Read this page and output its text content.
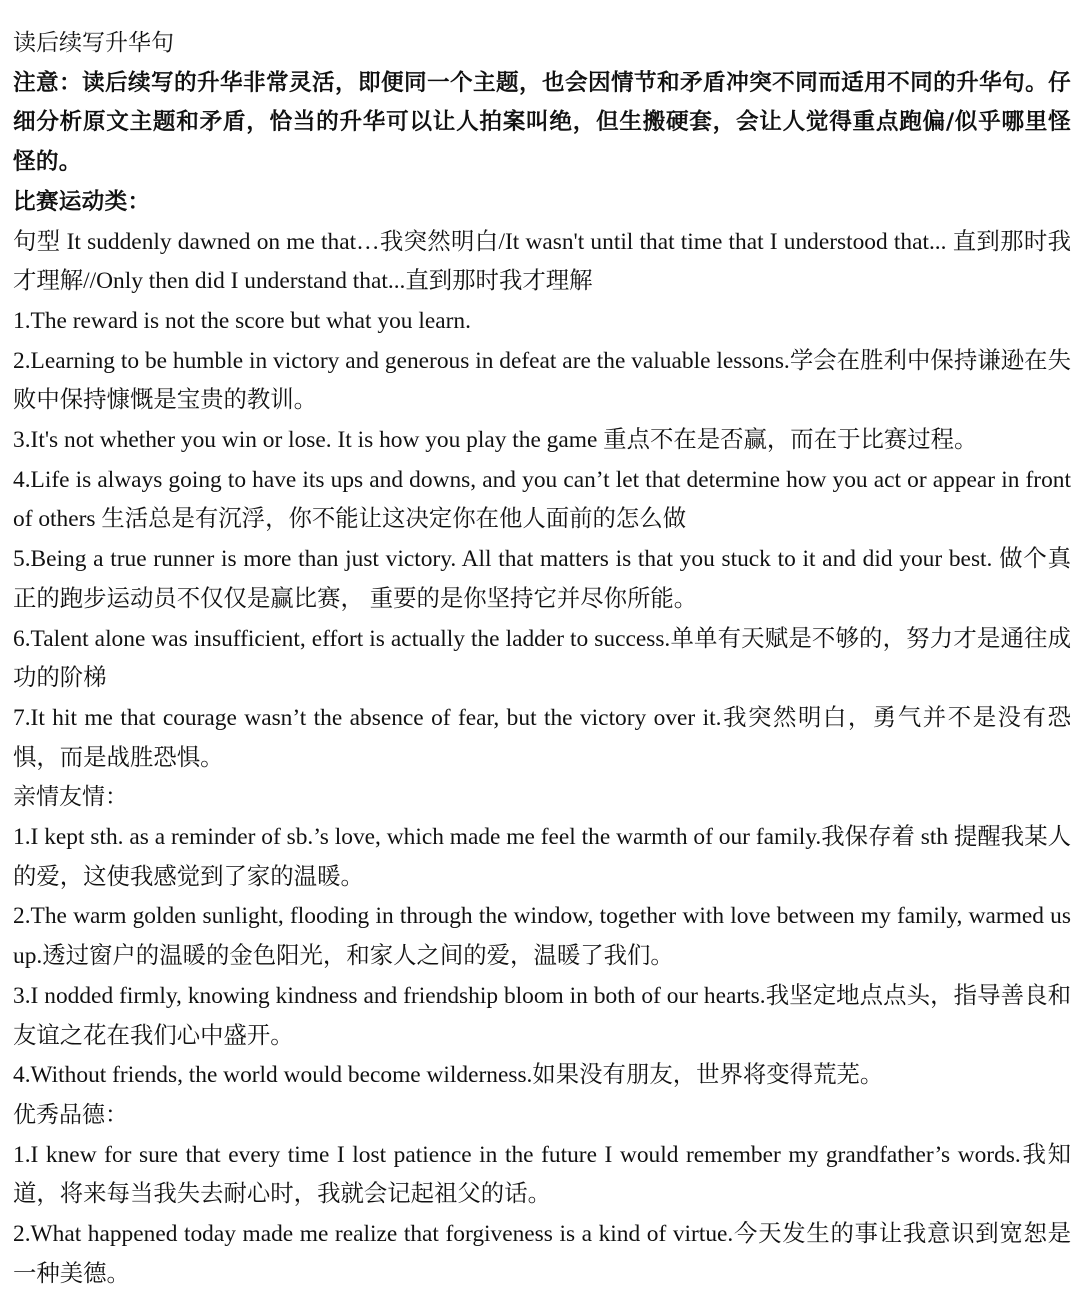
读后续写升华句

注意：读后续写的升华非常灵活，即便同一个主题，也会因情节和矛盾冲突不同而适用不同的升华句。仔细分析原文主题和矛盾，恰当的升华可以让人拍案叫绝，但生搬硬套，会让人觉得重点跑偏/似乎哪里怪怪的。

比赛运动类：

句型 It suddenly dawned on me that…我突然明白/It wasn't until that time that I understood that... 直到那时我才理解//Only then did I understand that...直到那时我才理解

1.The reward is not the score but what you learn.

2.Learning to be humble in victory and generous in defeat are the valuable lessons.学会在胜利中保持谦逊在失败中保持慷慨是宝贵的教训。

3.It's not whether you win or lose. It is how you play the game 重点不在是否赢，而在于比赛过程。

4.Life is always going to have its ups and downs, and you can’t let that determine how you act or appear in front of others 生活总是有沉浮，你不能让这决定你在他人面前的怎么做

5.Being a true runner is more than just victory. All that matters is that you stuck to it and did your best. 做个真正的跑步运动员不仅仅是赢比赛， 重要的是你坚持它并尽你所能。

6.Talent alone was insufficient, effort is actually the ladder to success.单单有天赋是不够的，努力才是通往成功的阶梯

7.It hit me that courage wasn’t the absence of fear, but the victory over it.我突然明白，勇气并不是没有恐惧，而是战胜恐惧。

亲情友情：

1.I kept sth. as a reminder of sb.’s love, which made me feel the warmth of our family.我保存着 sth 提醒我某人的爱，这使我感觉到了家的温暖。

2.The warm golden sunlight, flooding in through the window, together with love between my family, warmed us up.透过窗户的温暖的金色阳光，和家人之间的爱，温暖了我们。

3.I nodded firmly, knowing kindness and friendship bloom in both of our hearts.我坚定地点点头，指导善良和友谊之花在我们心中盛开。

4.Without friends, the world would become wilderness.如果没有朋友，世界将变得荒芜。

优秀品德：

1.I knew for sure that every time I lost patience in the future I would remember my grandfather’s words.我知道，将来每当我失去耐心时，我就会记起祖父的话。

2.What happened today made me realize that forgiveness is a kind of virtue.今天发生的事让我意识到宽恕是一种美德。
